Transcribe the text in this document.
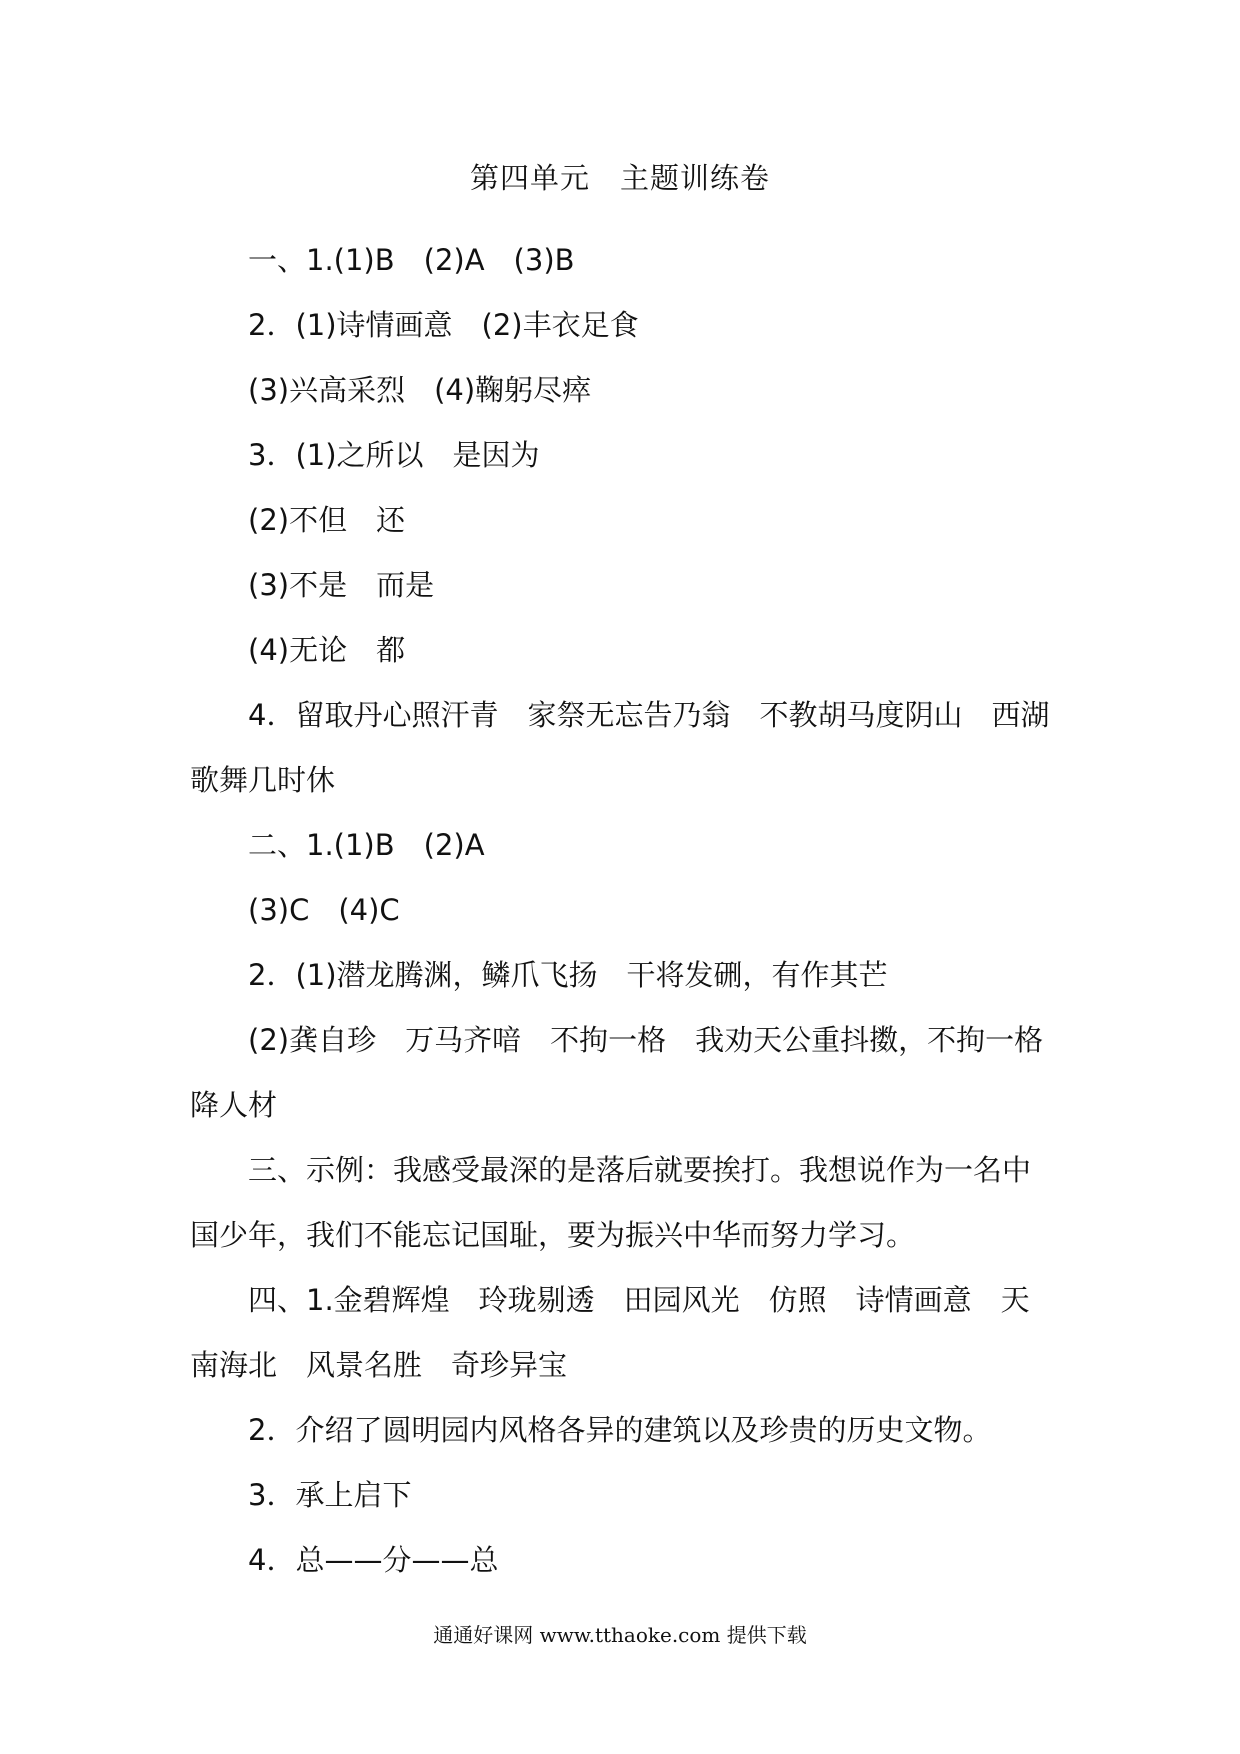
第四单元　主题训练卷

一、1.(1)B　(2)A　(3)B

2．(1)诗情画意　(2)丰衣足食

(3)兴高采烈　(4)鞠躬尽瘁

3．(1)之所以　是因为

(2)不但　还

(3)不是　而是

(4)无论　都

4．留取丹心照汗青　家祭无忘告乃翁　不教胡马度阴山　西湖歌舞几时休

二、1.(1)B　(2)A

(3)C　(4)C

2．(1)潜龙腾渊，鳞爪飞扬　干将发硎，有作其芒

(2)龚自珍　万马齐喑　不拘一格　我劝天公重抖擞，不拘一格降人材

三、示例：我感受最深的是落后就要挨打。我想说作为一名中国少年，我们不能忘记国耻，要为振兴中华而努力学习。

四、1.金碧辉煌　玲珑剔透　田园风光　仿照　诗情画意　天南海北　风景名胜　奇珍异宝

2．介绍了圆明园内风格各异的建筑以及珍贵的历史文物。

3．承上启下

4．总——分——总

通通好课网 www.tthaoke.com 提供下载
